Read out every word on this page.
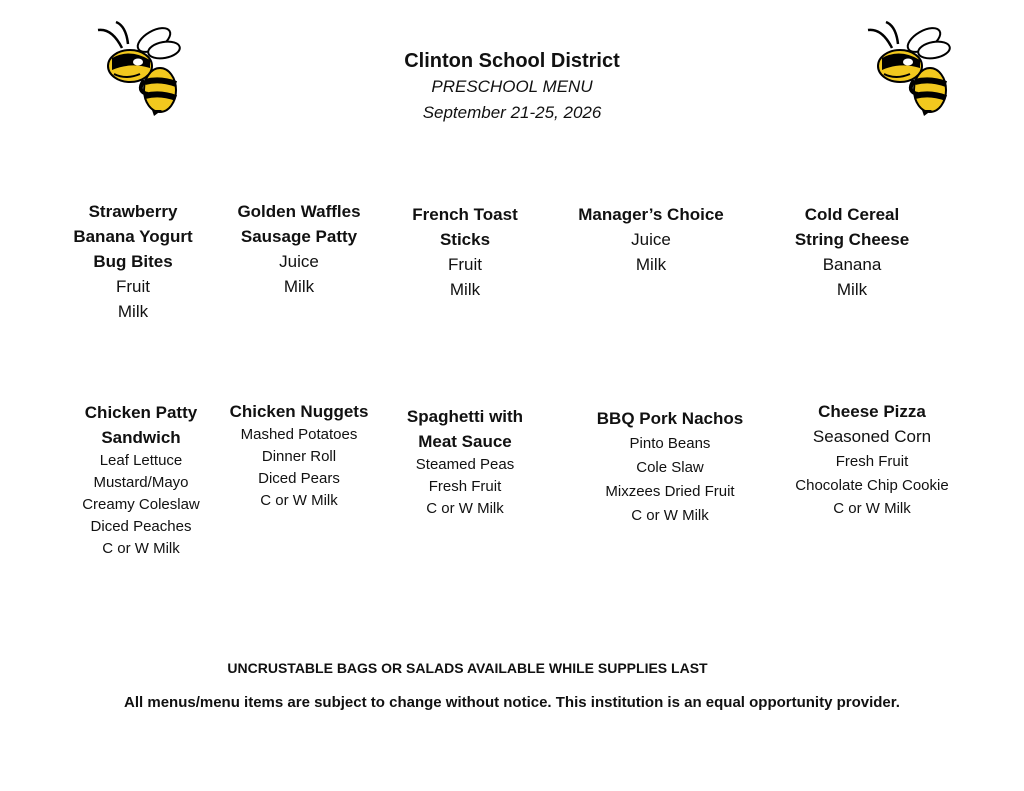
Clinton School District
PRESCHOOL MENU
September 21-25, 2026
Strawberry
Banana Yogurt
Bug Bites
Fruit
Milk
Golden Waffles
Sausage Patty
Juice
Milk
French Toast
Sticks
Fruit
Milk
Manager’s Choice
Juice
Milk
Cold Cereal
String Cheese
Banana
Milk
Chicken Patty
Sandwich
Leaf Lettuce
Mustard/Mayo
Creamy Coleslaw
Diced Peaches
C or W Milk
Chicken Nuggets
Mashed Potatoes
Dinner Roll
Diced Pears
C or W Milk
Spaghetti with
Meat Sauce
Steamed Peas
Fresh Fruit
C or W Milk
BBQ Pork Nachos
Pinto Beans
Cole Slaw
Mixzees Dried Fruit
C or W Milk
Cheese Pizza
Seasoned Corn
Fresh Fruit
Chocolate Chip Cookie
C or W Milk
UNCRUSTABLE BAGS OR SALADS AVAILABLE WHILE SUPPLIES LAST
All menus/menu items are subject to change without notice. This institution is an equal opportunity provider.
